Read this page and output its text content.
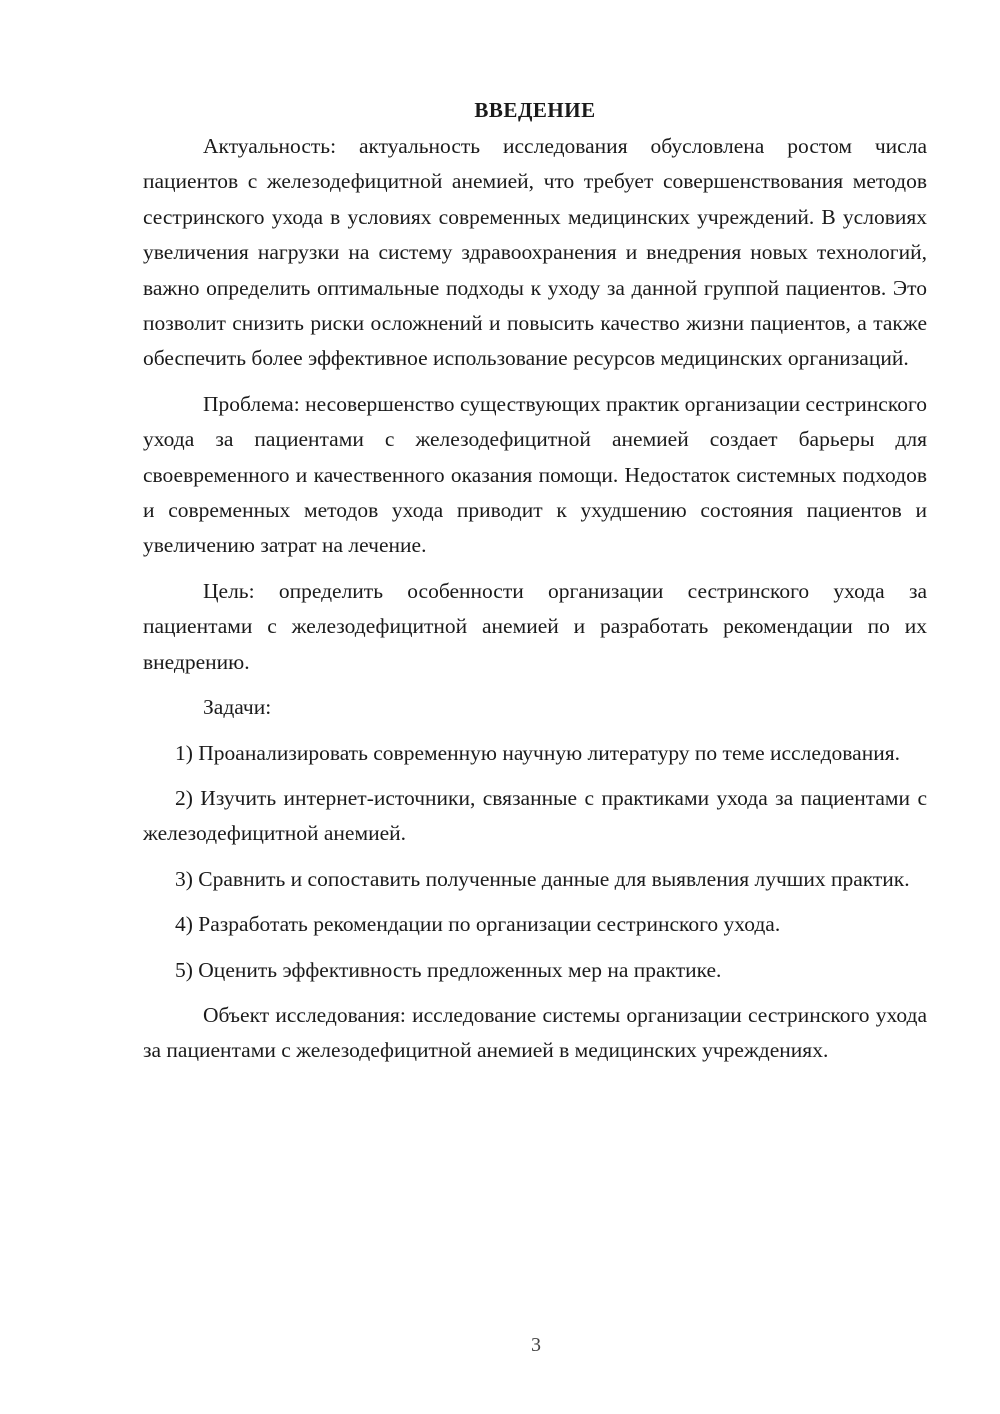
ВВЕДЕНИЕ

Актуальность: актуальность исследования обусловлена ростом числа пациентов с железодефицитной анемией, что требует совершенствования методов сестринского ухода в условиях современных медицинских учреждений. В условиях увеличения нагрузки на систему здравоохранения и внедрения новых технологий, важно определить оптимальные подходы к уходу за данной группой пациентов. Это позволит снизить риски осложнений и повысить качество жизни пациентов, а также обеспечить более эффективное использование ресурсов медицинских организаций.

Проблема: несовершенство существующих практик организации сестринского ухода за пациентами с железодефицитной анемией создает барьеры для своевременного и качественного оказания помощи. Недостаток системных подходов и современных методов ухода приводит к ухудшению состояния пациентов и увеличению затрат на лечение.

Цель: определить особенности организации сестринского ухода за пациентами с железодефицитной анемией и разработать рекомендации по их внедрению.

Задачи:

1) Проанализировать современную научную литературу по теме исследования.

2) Изучить интернет-источники, связанные с практиками ухода за пациентами с железодефицитной анемией.

3) Сравнить и сопоставить полученные данные для выявления лучших практик.

4) Разработать рекомендации по организации сестринского ухода.

5) Оценить эффективность предложенных мер на практике.

Объект исследования: исследование системы организации сестринского ухода за пациентами с железодефицитной анемией в медицинских учреждениях.

3
